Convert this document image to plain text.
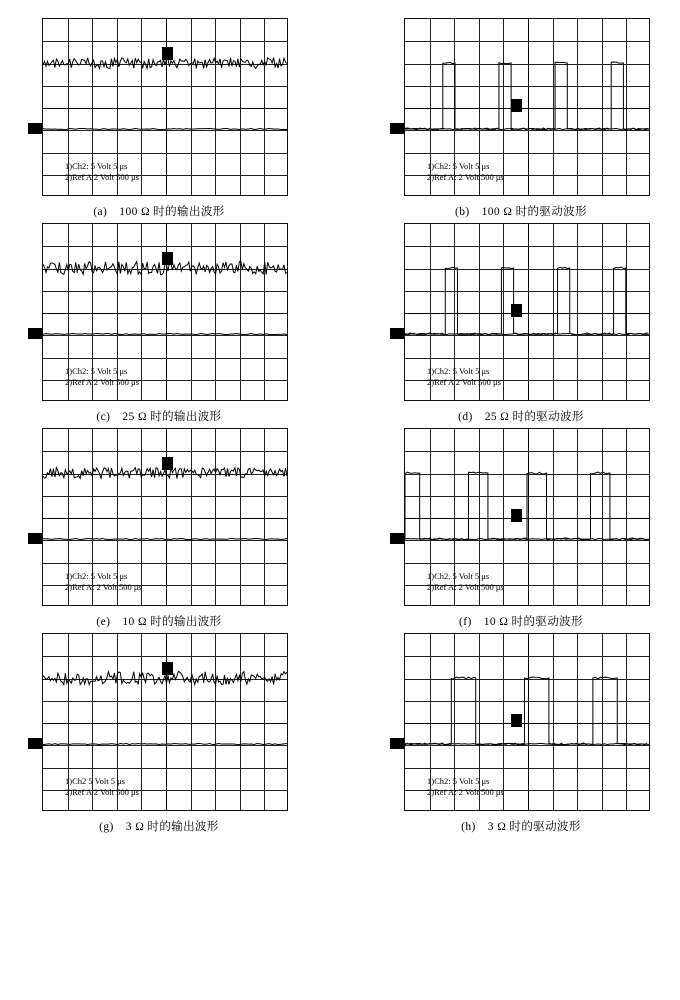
1)Ch2: 5 Volt 5 μs
2)Ref A 2 Volt 500 μs
(a) 100 Ω 时的输出波形
1)Ch2: 5 Volt 5 μs
2)Ref A: 2 Volt 500 μs
(b) 100 Ω 时的驱动波形
1)Ch2: 5 Volt 5 μs
2)Ref A 2 Volt 500 μs
(c) 25 Ω 时的输出波形
1)Ch2: 5 Volt 5 μs
2)Ref A 2 Volt 500 μs
(d) 25 Ω 时的驱动波形
1)Ch2: 5 Volt 5 μs
2)Ref A: 2 Volt 500 μs
(e) 10 Ω 时的输出波形
1)Ch2, 5 Volt 5 μs
2)Ref A: 2 Volt 500 μs
(f) 10 Ω 时的驱动波形
1)Ch2 5 Volt 5 μs
2)Ref A 2 Volt 500 μs
(g) 3 Ω 时的输出波形
1)Ch2: 5 Volt 5 μs
2)Ref A: 2 Volt 500 μs
(h) 3 Ω 时的驱动波形
